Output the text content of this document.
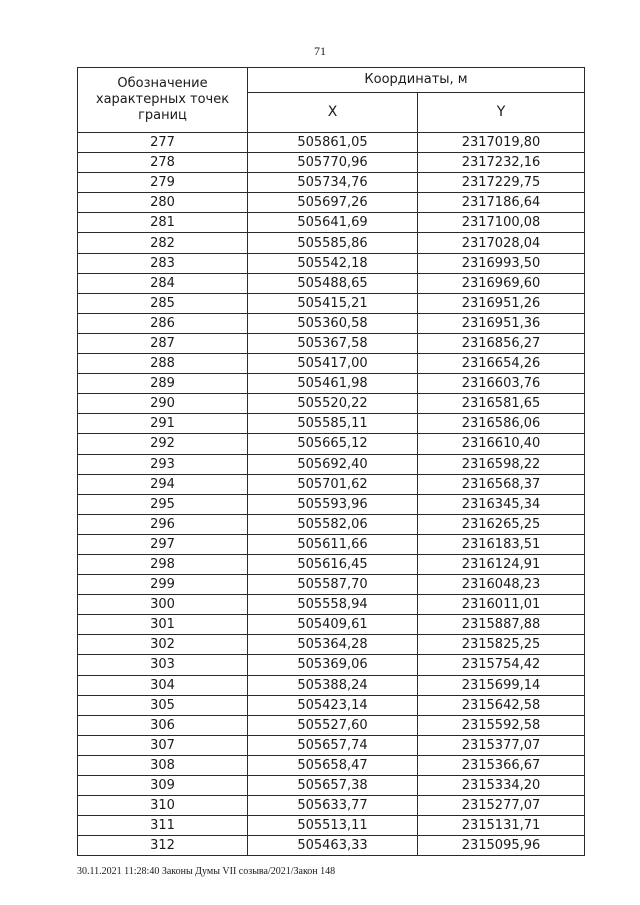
71
Обозначение характерных точек границ	Координаты, м	
	X	Y
277	505861,05	2317019,80
278	505770,96	2317232,16
279	505734,76	2317229,75
280	505697,26	2317186,64
281	505641,69	2317100,08
282	505585,86	2317028,04
283	505542,18	2316993,50
284	505488,65	2316969,60
285	505415,21	2316951,26
286	505360,58	2316951,36
287	505367,58	2316856,27
288	505417,00	2316654,26
289	505461,98	2316603,76
290	505520,22	2316581,65
291	505585,11	2316586,06
292	505665,12	2316610,40
293	505692,40	2316598,22
294	505701,62	2316568,37
295	505593,96	2316345,34
296	505582,06	2316265,25
297	505611,66	2316183,51
298	505616,45	2316124,91
299	505587,70	2316048,23
300	505558,94	2316011,01
301	505409,61	2315887,88
302	505364,28	2315825,25
303	505369,06	2315754,42
304	505388,24	2315699,14
305	505423,14	2315642,58
306	505527,60	2315592,58
307	505657,74	2315377,07
308	505658,47	2315366,67
309	505657,38	2315334,20
310	505633,77	2315277,07
311	505513,11	2315131,71
312	505463,33	2315095,96
30.11.2021 11:28:40 Законы Думы VII созыва/2021/Закон 148
